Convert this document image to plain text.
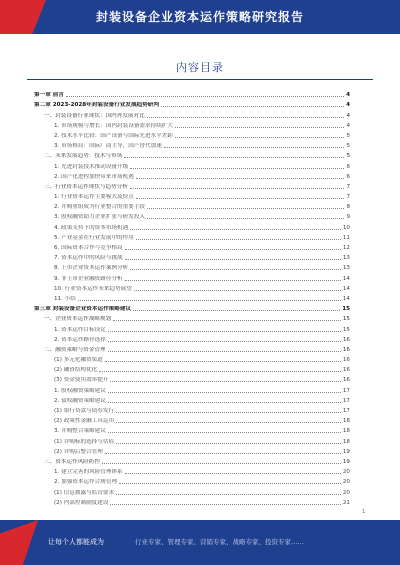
封装设备企业资本运作策略研究报告
内容目录
第一章 前言	4
第二章 2023-2028年封装设备行业发展趋势研判	4
一、封装设备行业现状：国内外发展对比	4
1. 市场规模与增长：国内封装设备需求持续扩大	4
2. 技术水平比较：国产设备与国际先进水平差距	5
3. 市场格局：国际厂商主导，国产替代加速	5
二、未来发展趋势：技术与市场	5
1. 先进封装技术推动设备升级	6
2. 国产化进程加快带来市场机遇	6
三、行业资本运作现状与趋势分析	7
1. 行业资本运作主要模式及特点	7
2. 并购重组成为行业整合的重要手段	8
3. 股权融资助力企业扩张与研发投入	9
4. 政策支持下的资本市场机遇	10
5. 产业基金在行业发展中的作用	11
6. 国际资本合作与竞争格局	12
7. 资本运作中的风险与挑战	13
8. 上市企业资本运作案例分析	13
9. 非上市企业融资路径分析	14
10. 行业资本运作未来趋势展望	14
11. 小结	14
第三章 封装设备企业资本运作策略建议	15
一、企业资本运作战略规划	15
1. 资本运作目标设定	15
2. 资本运作路径选择	16
二、融资策略与资金管理	16
(1) 多元化融资渠道	16
(2) 融资结构优化	16
(3) 资金使用效率提升	16
1. 股权融资策略建议	17
2. 债权融资策略建议	17
(1) 银行贷款与债券发行	17
(2) 政策性金融工具运用	18
3. 并购整合策略建议	18
(1) 并购标的选择与估值	18
(2) 并购后整合管理	19
三、资本运作风险防控	19
1. 建立完善的风险管理体系	20
2. 加强资本运作合规管理	20
(1) 信息披露与监管要求	20
(2) 内部控制制度建设	21
1
让每个人都能成为	行业专家、管理专家、营销专家、战略专家、投资专家……
